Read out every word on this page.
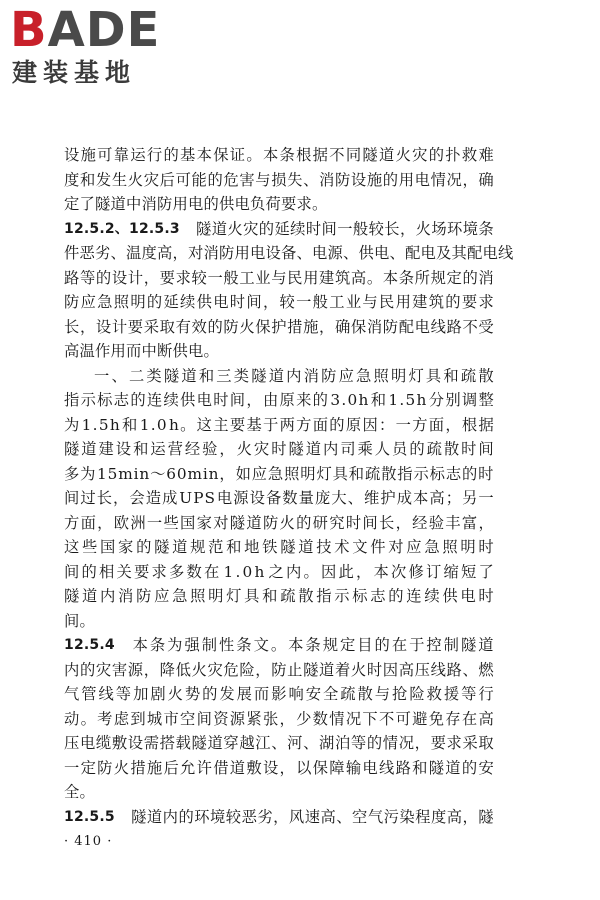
BADE
建装基地
设 施 可 靠 运 行 的 基 本 保 证 。 本 条 根 据 不 同 隧 道 火 灾 的 扑 救 难
度 和 发 生 火 灾 后 可 能 的 危 害 与 损 失 、 消 防 设 施 的 用 电 情 况 ， 确
定 了 隧 道 中 消 防 用 电 的 供 电 负 荷 要 求 。
12.5.2、12.5.3 隧 道 火 灾 的 延 续 时 间 一 般 较 长 ， 火 场 环 境 条
件 恶 劣 、 温 度 高 ， 对 消 防 用 电 设 备 、 电 源 、 供 电 、 配 电 及 其 配 电 线
路 等 的 设 计 ， 要 求 较 一 般 工 业 与 民 用 建 筑 高 。 本 条 所 规 定 的 消
防 应 急 照 明 的 延 续 供 电 时 间 ， 较 一 般 工 业 与 民 用 建 筑 的 要 求
长 ， 设 计 要 采 取 有 效 的 防 火 保 护 措 施 ， 确 保 消 防 配 电 线 路 不 受
高 温 作 用 而 中 断 供 电 。
一 、 二 类 隧 道 和 三 类 隧 道 内 消 防 应 急 照 明 灯 具 和 疏 散
指 示 标 志 的 连 续 供 电 时 间 ， 由 原 来 的 3 . 0 h 和 1 . 5 h 分 别 调 整
为 1 . 5 h 和 1 . 0 h 。 这 主 要 基 于 两 方 面 的 原 因 ： 一 方 面 ， 根 据
隧 道 建 设 和 运 营 经 验 ， 火 灾 时 隧 道 内 司 乘 人 员 的 疏 散 时 间
多 为 1 5 m i n ～ 6 0 m i n ， 如 应 急 照 明 灯 具 和 疏 散 指 示 标 志 的 时
间 过 长 ， 会 造 成 U P S 电 源 设 备 数 量 庞 大 、 维 护 成 本 高 ； 另 一
方 面 ， 欧 洲 一 些 国 家 对 隧 道 防 火 的 研 究 时 间 长 ， 经 验 丰 富 ，
这 些 国 家 的 隧 道 规 范 和 地 铁 隧 道 技 术 文 件 对 应 急 照 明 时
间 的 相 关 要 求 多 数 在 1 . 0 h 之 内 。 因 此 ， 本 次 修 订 缩 短 了
隧 道 内 消 防 应 急 照 明 灯 具 和 疏 散 指 示 标 志 的 连 续 供 电 时
间 。
12.5.4 本 条 为 强 制 性 条 文 。 本 条 规 定 目 的 在 于 控 制 隧 道
内 的 灾 害 源 ， 降 低 火 灾 危 险 ， 防 止 隧 道 着 火 时 因 高 压 线 路 、 燃
气 管 线 等 加 剧 火 势 的 发 展 而 影 响 安 全 疏 散 与 抢 险 救 援 等 行
动 。 考 虑 到 城 市 空 间 资 源 紧 张 ， 少 数 情 况 下 不 可 避 免 存 在 高
压 电 缆 敷 设 需 搭 载 隧 道 穿 越 江 、 河 、 湖 泊 等 的 情 况 ， 要 求 采 取
一 定 防 火 措 施 后 允 许 借 道 敷 设 ， 以 保 障 输 电 线 路 和 隧 道 的 安
全 。
12.5.5 隧 道 内 的 环 境 较 恶 劣 ， 风 速 高 、 空 气 污 染 程 度 高 ， 隧
· 410 ·
